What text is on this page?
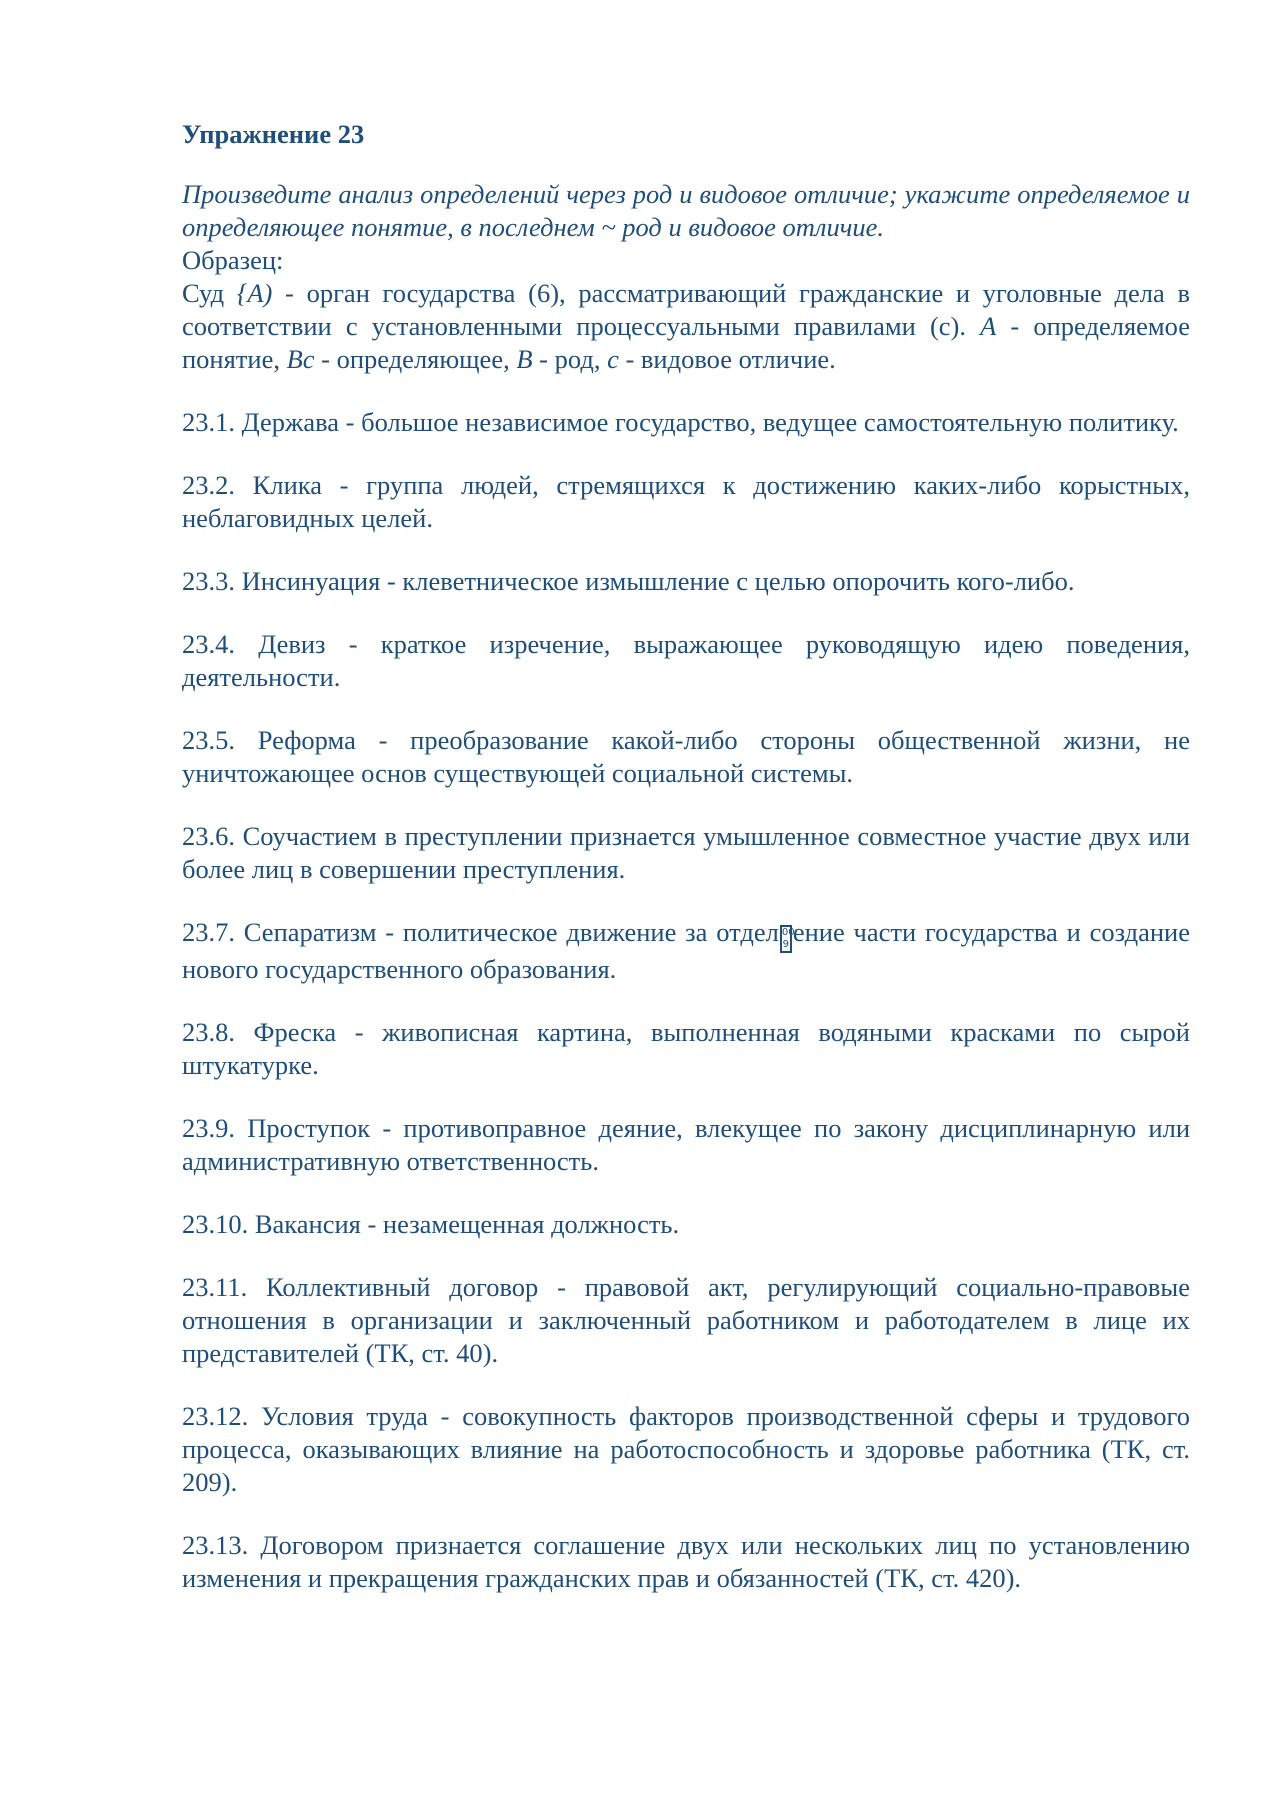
Упражнение 23

Произведите анализ определений через род и видовое отличие; укажите определяемое и определяющее понятие, в последнем ~ род и видовое отличие.

Образец:

Суд {А) - орган государства (6), рассматривающий гражданские и уголовные дела в соответствии с установленными процессуальными правилами (с). А - определяемое понятие, Вс - определяющее, В - род, с - видовое отличие.

23.1. Держава - большое независимое государство, ведущее самостоятельную политику.

23.2. Клика - группа людей, стремящихся к достижению каких-либо корыстных, неблаговидных целей.

23.3. Инсинуация - клеветническое измышление с целью опорочить кого-либо.

23.4. Девиз - краткое изречение, выражающее руководящую идею поведения, деятельности.

23.5. Реформа - преобразование какой-либо стороны общественной жизни, не уничтожающее основ существующей социальной системы.

23.6. Соучастием в преступлении признается умышленное совместное участие двух или более лиц в совершении преступления.

23.7. Сепаратизм - политическое движение за отдел 00 9 ение части государства и создание нового государственного образования.

23.8. Фреска - живописная картина, выполненная водяными красками по сырой штукатурке.

23.9. Проступок - противоправное деяние, влекущее по закону дисциплинарную или административную ответственность.

23.10. Вакансия - незамещенная должность.

23.11. Коллективный договор - правовой акт, регулирующий социально-правовые отношения в организации и заключенный работником и работодателем в лице их представителей (ТК, ст. 40).

23.12. Условия труда - совокупность факторов производственной сферы и трудового процесса, оказывающих влияние на работоспособность и здоровье работника (ТК, ст. 209).

23.13. Договором признается соглашение двух или нескольких лиц по установлению изменения и прекращения гражданских прав и обязанностей (ТК, ст. 420).
